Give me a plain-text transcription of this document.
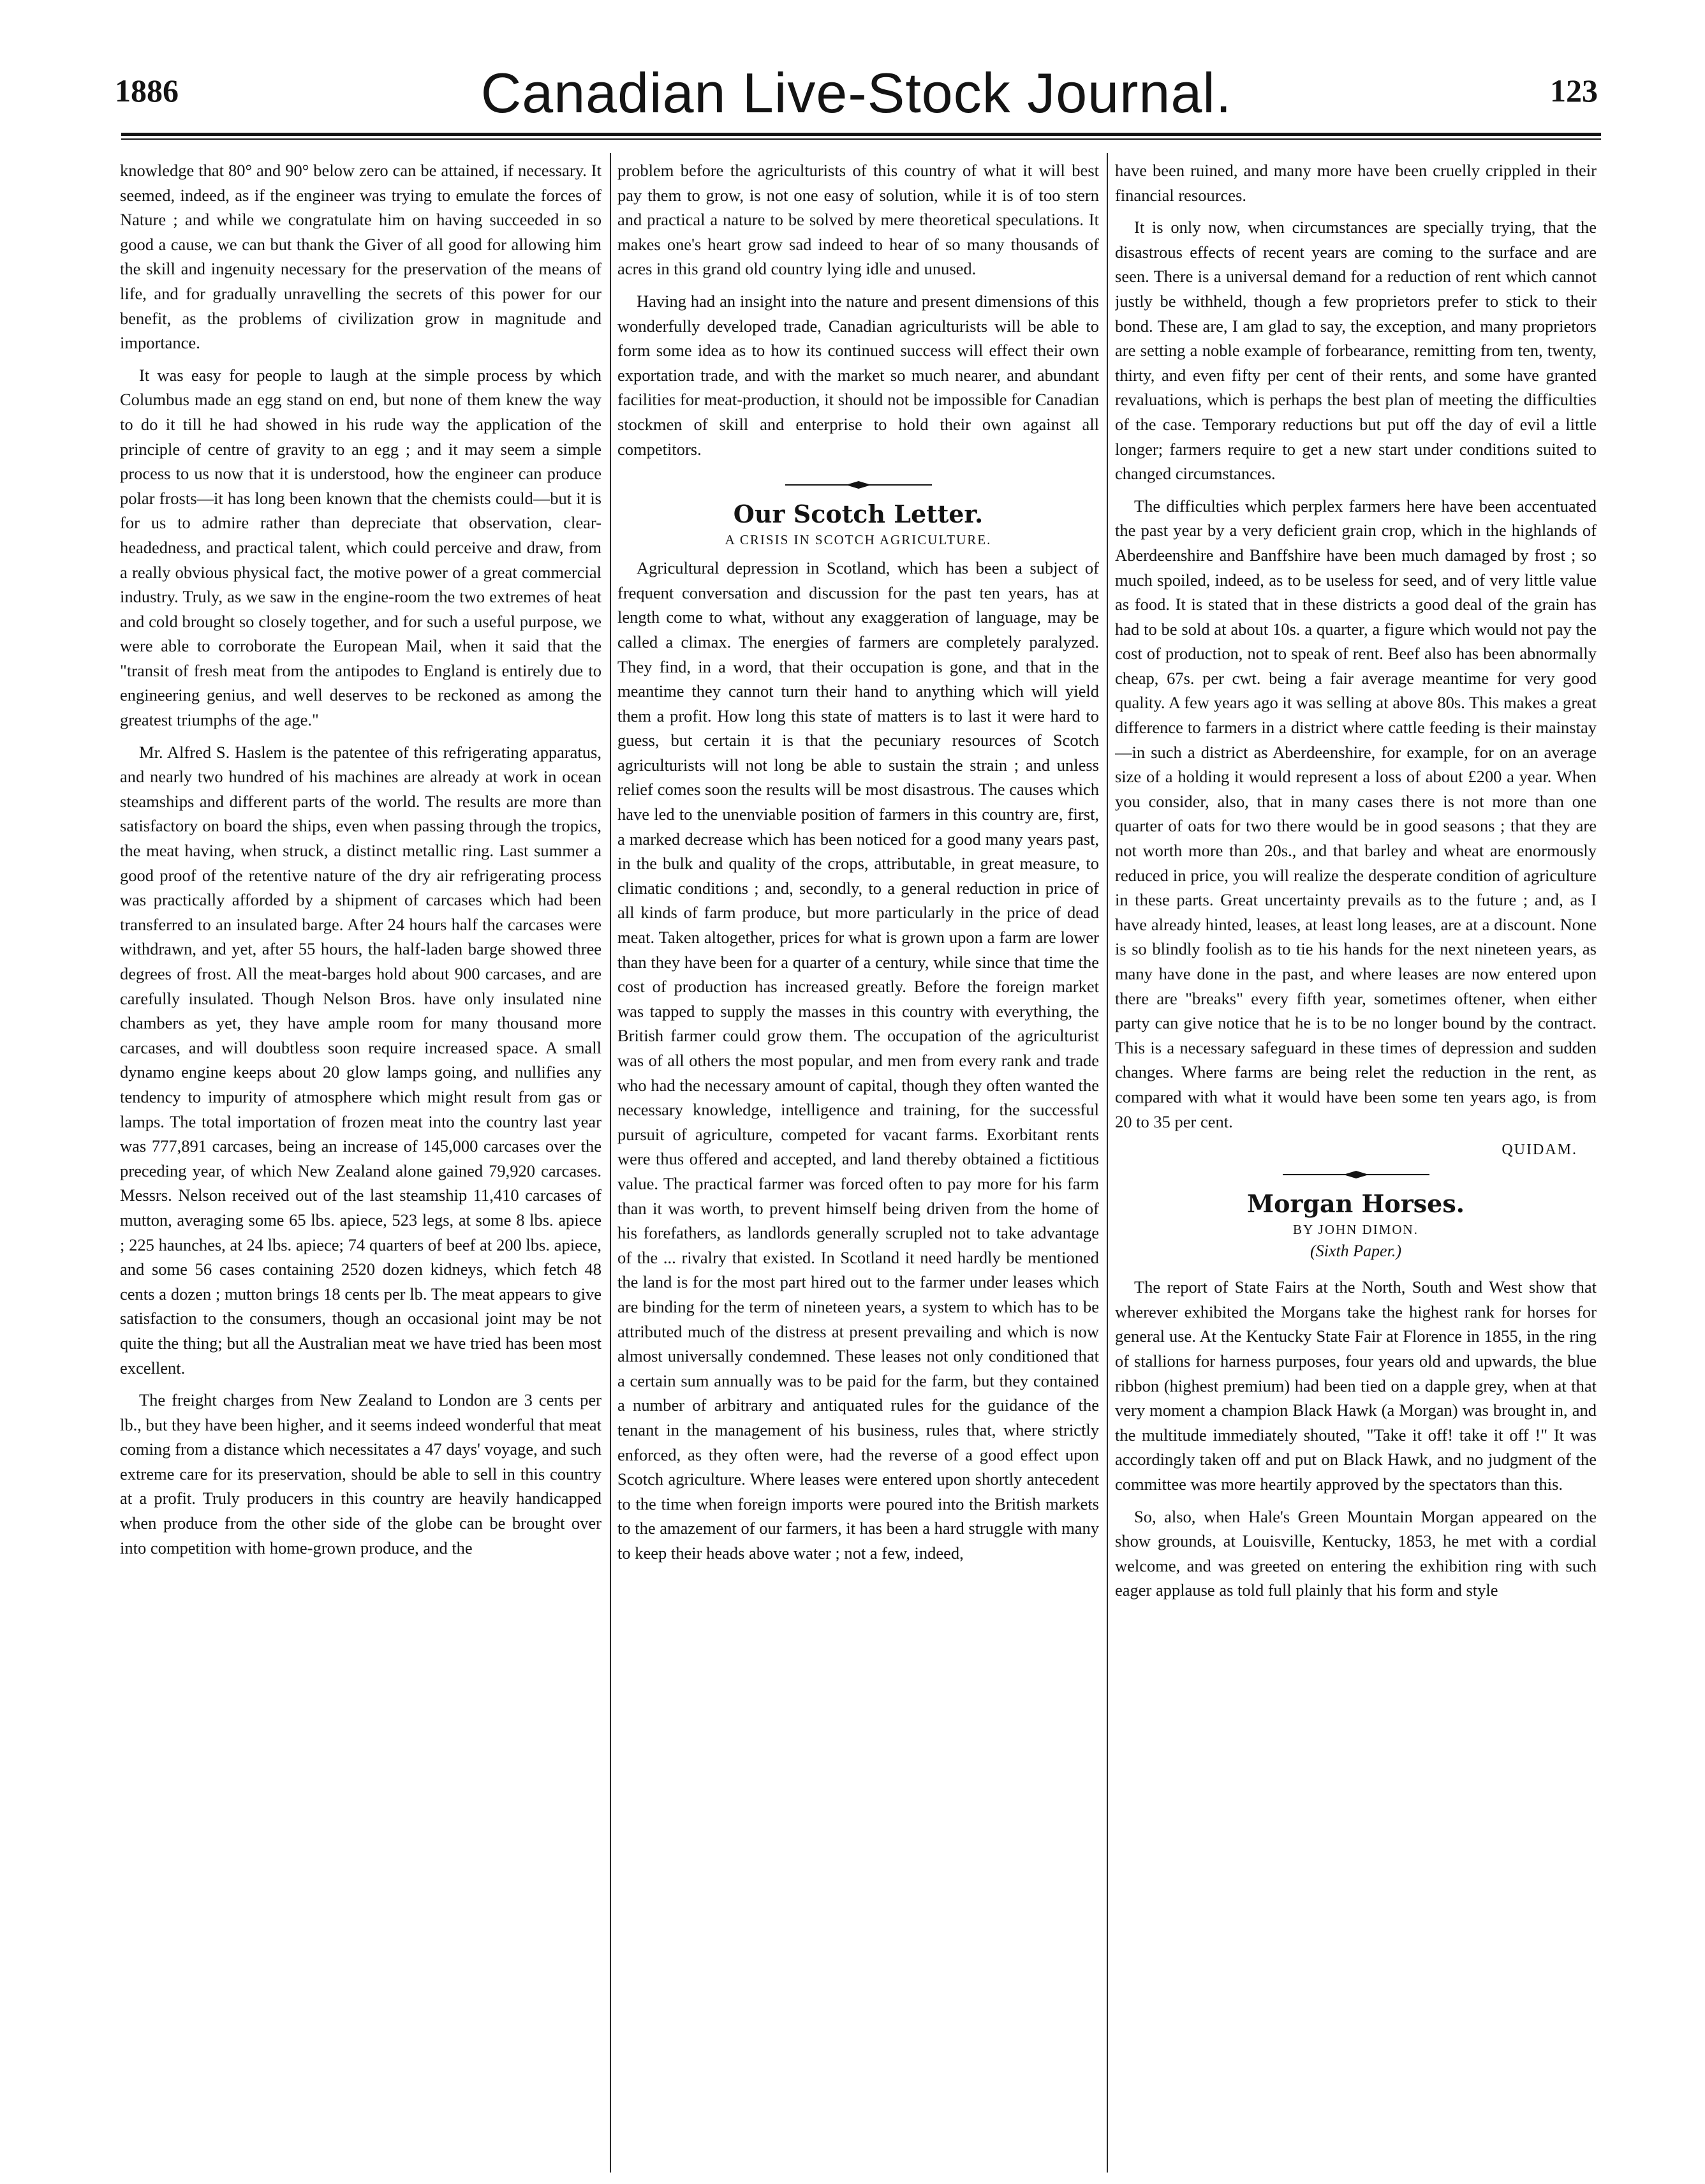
1886	Canadian Live-Stock Journal.	123

knowledge that 80° and 90° below zero can be attained, if necessary. It seemed, indeed, as if the engineer was trying to emulate the forces of Nature ; and while we congratulate him on having succeeded in so good a cause, we can but thank the Giver of all good for allowing him the skill and ingenuity necessary for the preservation of the means of life, and for gradually unravelling the secrets of this power for our benefit, as the problems of civilization grow in magnitude and importance.

It was easy for people to laugh at the simple process by which Columbus made an egg stand on end, but none of them knew the way to do it till he had showed in his rude way the application of the principle of centre of gravity to an egg ; and it may seem a simple process to us now that it is understood, how the engineer can produce polar frosts—it has long been known that the chemists could—but it is for us to admire rather than depreciate that observation, clear-headedness, and practical talent, which could perceive and draw, from a really obvious physical fact, the motive power of a great commercial industry. Truly, as we saw in the engine-room the two extremes of heat and cold brought so closely together, and for such a useful purpose, we were able to corroborate the European Mail, when it said that the "transit of fresh meat from the antipodes to England is entirely due to engineering genius, and well deserves to be reckoned as among the greatest triumphs of the age."

Mr. Alfred S. Haslem is the patentee of this refrigerating apparatus, and nearly two hundred of his machines are already at work in ocean steamships and different parts of the world. The results are more than satisfactory on board the ships, even when passing through the tropics, the meat having, when struck, a distinct metallic ring. Last summer a good proof of the retentive nature of the dry air refrigerating process was practically afforded by a shipment of carcases which had been transferred to an insulated barge. After 24 hours half the carcases were withdrawn, and yet, after 55 hours, the half-laden barge showed three degrees of frost. All the meat-barges hold about 900 carcases, and are carefully insulated. Though Nelson Bros. have only insulated nine chambers as yet, they have ample room for many thousand more carcases, and will doubtless soon require increased space. A small dynamo engine keeps about 20 glow lamps going, and nullifies any tendency to impurity of atmosphere which might result from gas or lamps. The total importation of frozen meat into the country last year was 777,891 carcases, being an increase of 145,000 carcases over the preceding year, of which New Zealand alone gained 79,920 carcases. Messrs. Nelson received out of the last steamship 11,410 carcases of mutton, averaging some 65 lbs. apiece, 523 legs, at some 8 lbs. apiece ; 225 haunches, at 24 lbs. apiece; 74 quarters of beef at 200 lbs. apiece, and some 56 cases containing 2520 dozen kidneys, which fetch 48 cents a dozen ; mutton brings 18 cents per lb. The meat appears to give satisfaction to the consumers, though an occasional joint may be not quite the thing; but all the Australian meat we have tried has been most excellent.

The freight charges from New Zealand to London are 3 cents per lb., but they have been higher, and it seems indeed wonderful that meat coming from a distance which necessitates a 47 days' voyage, and such extreme care for its preservation, should be able to sell in this country at a profit. Truly producers in this country are heavily handicapped when produce from the other side of the globe can be brought over into competition with home-grown produce, and the

problem before the agriculturists of this country of what it will best pay them to grow, is not one easy of solution, while it is of too stern and practical a nature to be solved by mere theoretical speculations. It makes one's heart grow sad indeed to hear of so many thousands of acres in this grand old country lying idle and unused.

Having had an insight into the nature and present dimensions of this wonderfully developed trade, Canadian agriculturists will be able to form some idea as to how its continued success will effect their own exportation trade, and with the market so much nearer, and abundant facilities for meat-production, it should not be impossible for Canadian stockmen of skill and enterprise to hold their own against all competitors.

Our Scotch Letter.
A CRISIS IN SCOTCH AGRICULTURE.

Agricultural depression in Scotland, which has been a subject of frequent conversation and discussion for the past ten years, has at length come to what, without any exaggeration of language, may be called a climax. The energies of farmers are completely paralyzed. They find, in a word, that their occupation is gone, and that in the meantime they cannot turn their hand to anything which will yield them a profit. How long this state of matters is to last it were hard to guess, but certain it is that the pecuniary resources of Scotch agriculturists will not long be able to sustain the strain ; and unless relief comes soon the results will be most disastrous. The causes which have led to the unenviable position of farmers in this country are, first, a marked decrease which has been noticed for a good many years past, in the bulk and quality of the crops, attributable, in great measure, to climatic conditions ; and, secondly, to a general reduction in price of all kinds of farm produce, but more particularly in the price of dead meat. Taken altogether, prices for what is grown upon a farm are lower than they have been for a quarter of a century, while since that time the cost of production has increased greatly. Before the foreign market was tapped to supply the masses in this country with everything, the British farmer could grow them. The occupation of the agriculturist was of all others the most popular, and men from every rank and trade who had the necessary amount of capital, though they often wanted the necessary knowledge, intelligence and training, for the successful pursuit of agriculture, competed for vacant farms. Exorbitant rents were thus offered and accepted, and land thereby obtained a fictitious value. The practical farmer was forced often to pay more for his farm than it was worth, to prevent himself being driven from the home of his forefathers, as landlords generally scrupled not to take advantage of the ... rivalry that existed. In Scotland it need hardly be mentioned the land is for the most part hired out to the farmer under leases which are binding for the term of nineteen years, a system to which has to be attributed much of the distress at present prevailing and which is now almost universally condemned. These leases not only conditioned that a certain sum annually was to be paid for the farm, but they contained a number of arbitrary and antiquated rules for the guidance of the tenant in the management of his business, rules that, where strictly enforced, as they often were, had the reverse of a good effect upon Scotch agriculture. Where leases were entered upon shortly antecedent to the time when foreign imports were poured into the British markets to the amazement of our farmers, it has been a hard struggle with many to keep their heads above water ; not a few, indeed,

have been ruined, and many more have been cruelly crippled in their financial resources.

It is only now, when circumstances are specially trying, that the disastrous effects of recent years are coming to the surface and are seen. There is a universal demand for a reduction of rent which cannot justly be withheld, though a few proprietors prefer to stick to their bond. These are, I am glad to say, the exception, and many proprietors are setting a noble example of forbearance, remitting from ten, twenty, thirty, and even fifty per cent of their rents, and some have granted revaluations, which is perhaps the best plan of meeting the difficulties of the case. Temporary reductions but put off the day of evil a little longer; farmers require to get a new start under conditions suited to changed circumstances.

The difficulties which perplex farmers here have been accentuated the past year by a very deficient grain crop, which in the highlands of Aberdeenshire and Banffshire have been much damaged by frost ; so much spoiled, indeed, as to be useless for seed, and of very little value as food. It is stated that in these districts a good deal of the grain has had to be sold at about 10s. a quarter, a figure which would not pay the cost of production, not to speak of rent. Beef also has been abnormally cheap, 67s. per cwt. being a fair average meantime for very good quality. A few years ago it was selling at above 80s. This makes a great difference to farmers in a district where cattle feeding is their mainstay—in such a district as Aberdeenshire, for example, for on an average size of a holding it would represent a loss of about £200 a year. When you consider, also, that in many cases there is not more than one quarter of oats for two there would be in good seasons ; that they are not worth more than 20s., and that barley and wheat are enormously reduced in price, you will realize the desperate condition of agriculture in these parts. Great uncertainty prevails as to the future ; and, as I have already hinted, leases, at least long leases, are at a discount. None is so blindly foolish as to tie his hands for the next nineteen years, as many have done in the past, and where leases are now entered upon there are "breaks" every fifth year, sometimes oftener, when either party can give notice that he is to be no longer bound by the contract. This is a necessary safeguard in these times of depression and sudden changes. Where farms are being relet the reduction in the rent, as compared with what it would have been some ten years ago, is from 20 to 35 per cent.

QUIDAM.
Morgan Horses.
BY JOHN DIMON.
(Sixth Paper.)

The report of State Fairs at the North, South and West show that wherever exhibited the Morgans take the highest rank for horses for general use. At the Kentucky State Fair at Florence in 1855, in the ring of stallions for harness purposes, four years old and upwards, the blue ribbon (highest premium) had been tied on a dapple grey, when at that very moment a champion Black Hawk (a Morgan) was brought in, and the multitude immediately shouted, "Take it off! take it off !" It was accordingly taken off and put on Black Hawk, and no judgment of the committee was more heartily approved by the spectators than this.

So, also, when Hale's Green Mountain Morgan appeared on the show grounds, at Louisville, Kentucky, 1853, he met with a cordial welcome, and was greeted on entering the exhibition ring with such eager applause as told full plainly that his form and style
